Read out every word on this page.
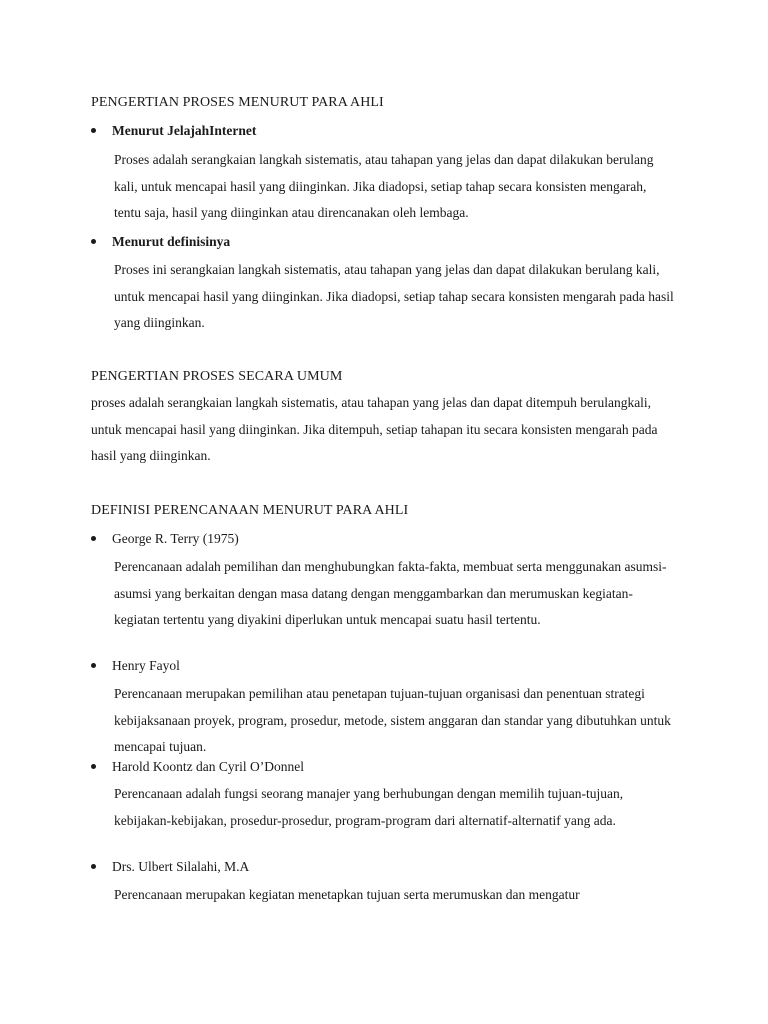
PENGERTIAN PROSES MENURUT PARA AHLI
Menurut JelajahInternet

Proses adalah serangkaian langkah sistematis, atau tahapan yang jelas dan dapat dilakukan berulang kali, untuk mencapai hasil yang diinginkan. Jika diadopsi, setiap tahap secara konsisten mengarah, tentu saja, hasil yang diinginkan atau direncanakan oleh lembaga.

Menurut definisinya

Proses ini serangkaian langkah sistematis, atau tahapan yang jelas dan dapat dilakukan berulang kali, untuk mencapai hasil yang diinginkan. Jika diadopsi, setiap tahap secara konsisten mengarah pada hasil yang diinginkan.

PENGERTIAN PROSES SECARA UMUM

proses adalah serangkaian langkah sistematis, atau tahapan yang jelas dan dapat ditempuh berulangkali, untuk mencapai hasil yang diinginkan. Jika ditempuh, setiap tahapan itu secara konsisten mengarah pada hasil yang diinginkan.

DEFINISI PERENCANAAN MENURUT PARA AHLI
George R. Terry (1975)

Perencanaan adalah pemilihan dan menghubungkan fakta-fakta, membuat serta menggunakan asumsi-asumsi yang berkaitan dengan masa datang dengan menggambarkan dan merumuskan kegiatan-kegiatan tertentu yang diyakini diperlukan untuk mencapai suatu hasil tertentu.

Henry Fayol

Perencanaan merupakan pemilihan atau penetapan tujuan-tujuan organisasi dan penentuan strategi kebijaksanaan proyek, program, prosedur, metode, sistem anggaran dan standar yang dibutuhkan untuk mencapai tujuan.

Harold Koontz dan Cyril O’Donnel

Perencanaan adalah fungsi seorang manajer yang berhubungan dengan memilih tujuan-tujuan, kebijakan-kebijakan, prosedur-prosedur, program-program dari alternatif-alternatif yang ada.

Drs. Ulbert Silalahi, M.A

Perencanaan merupakan kegiatan menetapkan tujuan serta merumuskan dan mengatur
